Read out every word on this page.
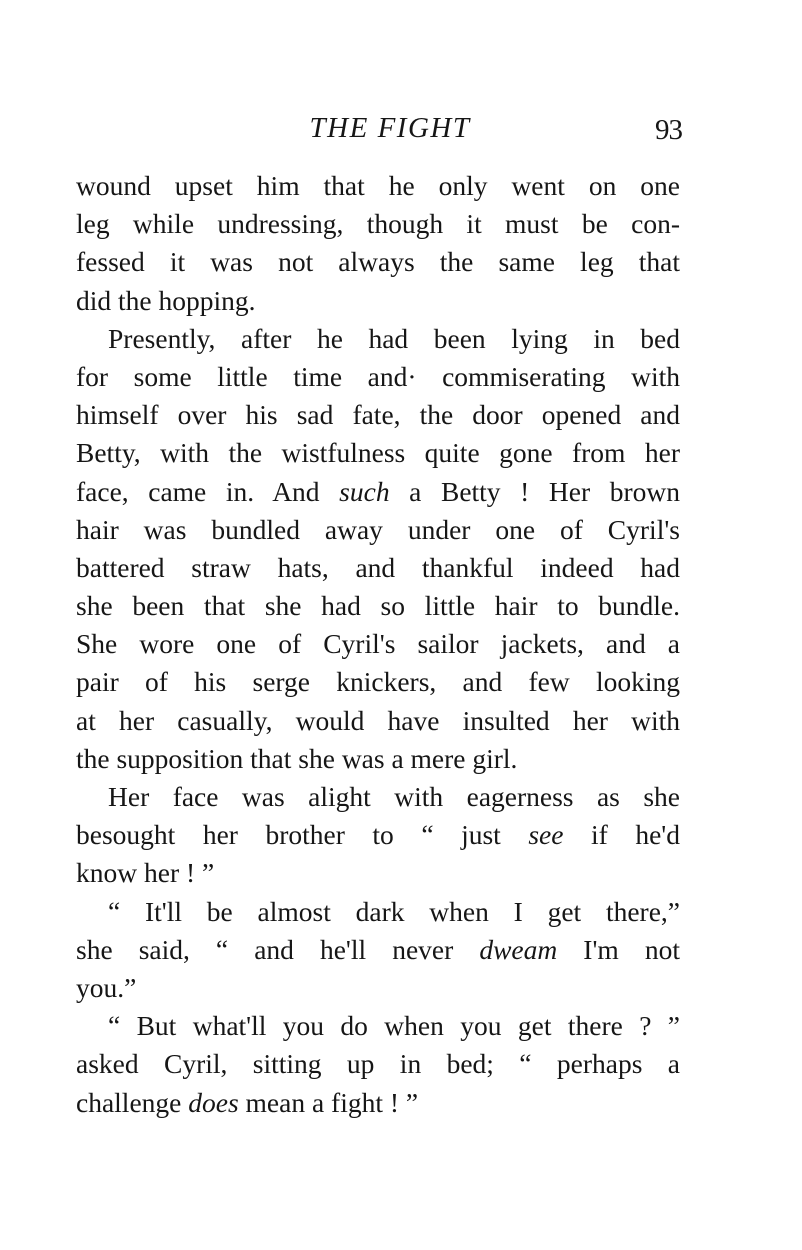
THE FIGHT	93
wound upset him that he only went on one
leg while undressing, though it must be con-
fessed it was not always the same leg that
did the hopping.
Presently, after he had been lying in bed
for some little time and· commiserating with
himself over his sad fate, the door opened and
Betty, with the wistfulness quite gone from her
face, came in. And such a Betty ! Her brown
hair was bundled away under one of Cyril's
battered straw hats, and thankful indeed had
she been that she had so little hair to bundle.
She wore one of Cyril's sailor jackets, and a
pair of his serge knickers, and few looking
at her casually, would have insulted her with
the supposition that she was a mere girl.
Her face was alight with eagerness as she
besought her brother to “ just see if he'd
know her ! ”
“ It'll be almost dark when I get there,”
she said, “ and he'll never dweam I'm not
you.”
“ But what'll you do when you get there ? ”
asked Cyril, sitting up in bed; “ perhaps a
challenge does mean a fight ! ”
